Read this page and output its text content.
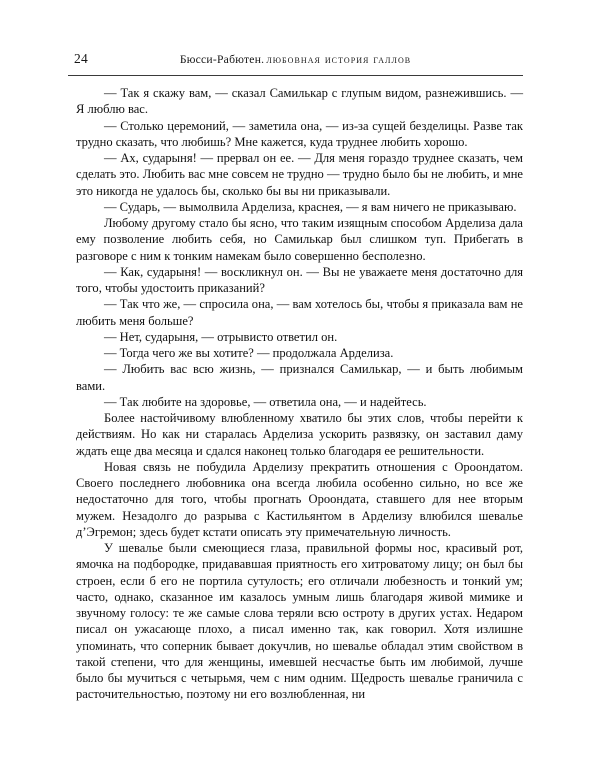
24	Бюсси-Рабютен. любовная история галлов

— Так я скажу вам, — сказал Самилькар с глупым видом, разнежившись. — Я люблю вас.

— Столько церемоний, — заметила она, — из-за сущей безделицы. Разве так трудно сказать, что любишь? Мне кажется, куда труднее любить хорошо.

— Ах, сударыня! — прервал он ее. — Для меня гораздо труднее сказать, чем сделать это. Любить вас мне совсем не трудно — трудно было бы не любить, и мне это никогда не удалось бы, сколько бы вы ни приказывали.

— Сударь, — вымолвила Арделиза, краснея, — я вам ничего не приказываю.

Любому другому стало бы ясно, что таким изящным способом Арделиза дала ему позволение любить себя, но Самилькар был слишком туп. Прибегать в разговоре с ним к тонким намекам было совершенно бесполезно.

— Как, сударыня! — воскликнул он. — Вы не уважаете меня достаточно для того, чтобы удостоить приказаний?

— Так что же, — спросила она, — вам хотелось бы, чтобы я приказала вам не любить меня больше?

— Нет, сударыня, — отрывисто ответил он.

— Тогда чего же вы хотите? — продолжала Арделиза.

— Любить вас всю жизнь, — признался Самилькар, — и быть любимым вами.

— Так любите на здоровье, — ответила она, — и надейтесь.

Более настойчивому влюбленному хватило бы этих слов, чтобы перейти к действиям. Но как ни старалась Арделиза ускорить развязку, он заставил даму ждать еще два месяца и сдался наконец только благодаря ее решительности.

Новая связь не побудила Арделизу прекратить отношения с Ороондатом. Своего последнего любовника она всегда любила особенно сильно, но все же недостаточно для того, чтобы прогнать Ороондата, ставшего для нее вторым мужем. Незадолго до разрыва с Кастильянтом в Арделизу влюбился шевалье д’Эгремон; здесь будет кстати описать эту примечательную личность.

У шевалье были смеющиеся глаза, правильной формы нос, красивый рот, ямочка на подбородке, придававшая приятность его хитроватому лицу; он был бы строен, если б его не портила сутулость; его отличали любезность и тонкий ум; часто, однако, сказанное им казалось умным лишь благодаря живой мимике и звучному голосу: те же самые слова теряли всю остроту в других устах. Недаром писал он ужасающе плохо, а писал именно так, как говорил. Хотя излишне упоминать, что соперник бывает докучлив, но шевалье обладал этим свойством в такой степени, что для женщины, имевшей несчастье быть им любимой, лучше было бы мучиться с четырьмя, чем с ним одним. Щедрость шевалье граничила с расточительностью, поэтому ни его возлюбленная, ни
